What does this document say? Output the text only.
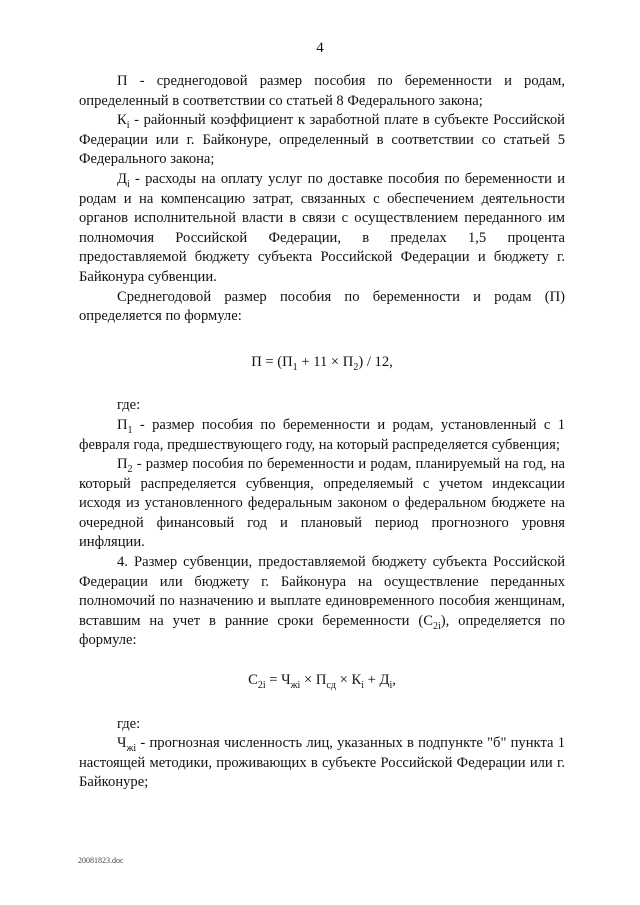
4

П - среднегодовой размер пособия по беременности и родам, определенный в соответствии со статьей 8 Федерального закона;

$К_i$ - районный коэффициент к заработной плате в субъекте Российской Федерации или г. Байконуре, определенный в соответствии со статьей 5 Федерального закона;

$Д_i$ - расходы на оплату услуг по доставке пособия по беременности и родам и на компенсацию затрат, связанных с обеспечением деятельности органов исполнительной власти в связи с осуществлением переданного им полномочия Российской Федерации, в пределах 1,5 процента предоставляемой бюджету субъекта Российской Федерации и бюджету г. Байконура субвенции.

Среднегодовой размер пособия по беременности и родам (П) определяется по формуле:

$П = (П_1 + 11 \times П_2) / 12$,

где:

$П_1$ - размер пособия по беременности и родам, установленный с 1 февраля года, предшествующего году, на который распределяется субвенция;

$П_2$ - размер пособия по беременности и родам, планируемый на год, на который распределяется субвенция, определяемый с учетом индексации исходя из установленного федеральным законом о федеральном бюджете на очередной финансовый год и плановый период прогнозного уровня инфляции.

4. Размер субвенции, предоставляемой бюджету субъекта Российской Федерации или бюджету г. Байконура на осуществление переданных полномочий по назначению и выплате единовременного пособия женщинам, вставшим на учет в ранние сроки беременности $(С_{2i})$, определяется по формуле:

$С_{2i} = Ч_{жi} \times П_{сд} \times К_i + Д_i$,

где:

$Ч_{жi}$ - прогнозная численность лиц, указанных в подпункте "б" пункта 1 настоящей методики, проживающих в субъекте Российской Федерации или г. Байконуре;

20081823.doc
